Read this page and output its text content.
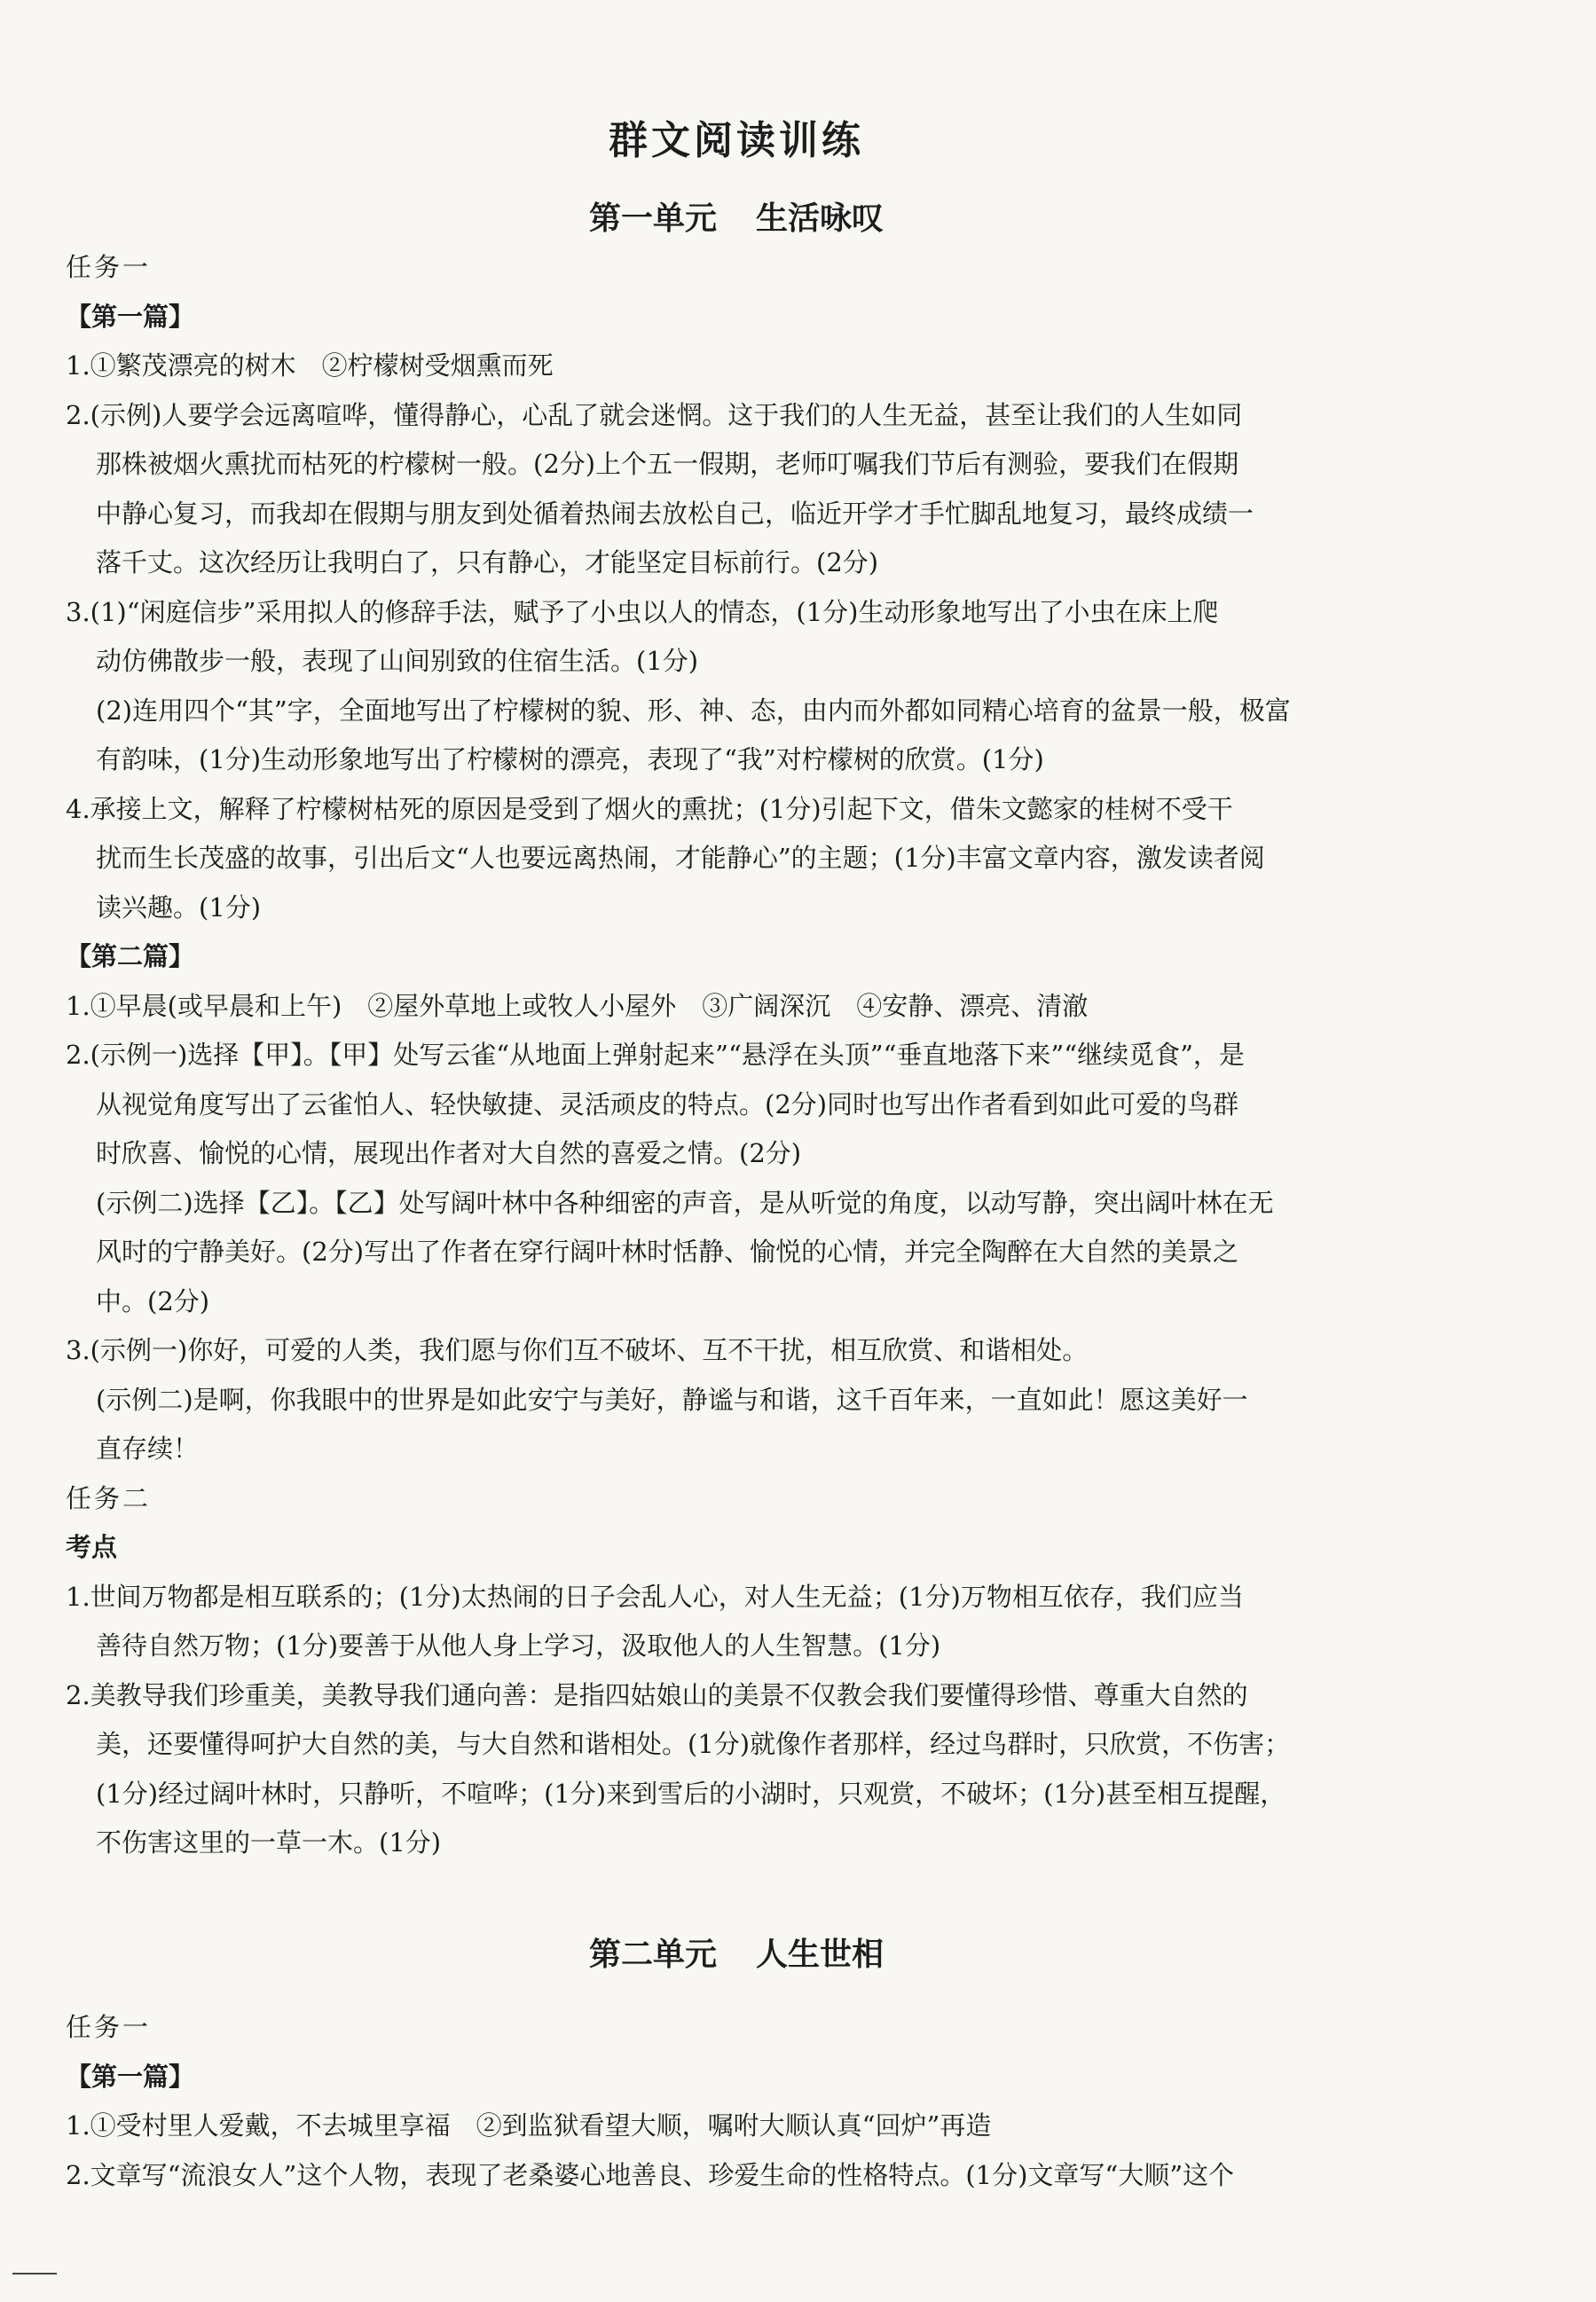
群文阅读训练
第一单元 生活咏叹
任务一
【第一篇】
1.①繁茂漂亮的树木　②柠檬树受烟熏而死
2.(示例)人要学会远离喧哗，懂得静心，心乱了就会迷惘。这于我们的人生无益，甚至让我们的人生如同
那株被烟火熏扰而枯死的柠檬树一般。(2分)上个五一假期，老师叮嘱我们节后有测验，要我们在假期
中静心复习，而我却在假期与朋友到处循着热闹去放松自己，临近开学才手忙脚乱地复习，最终成绩一
落千丈。这次经历让我明白了，只有静心，才能坚定目标前行。(2分)
3.(1)“闲庭信步”采用拟人的修辞手法，赋予了小虫以人的情态，(1分)生动形象地写出了小虫在床上爬
动仿佛散步一般，表现了山间别致的住宿生活。(1分)
(2)连用四个“其”字，全面地写出了柠檬树的貌、形、神、态，由内而外都如同精心培育的盆景一般，极富
有韵味，(1分)生动形象地写出了柠檬树的漂亮，表现了“我”对柠檬树的欣赏。(1分)
4.承接上文，解释了柠檬树枯死的原因是受到了烟火的熏扰；(1分)引起下文，借朱文懿家的桂树不受干
扰而生长茂盛的故事，引出后文“人也要远离热闹，才能静心”的主题；(1分)丰富文章内容，激发读者阅
读兴趣。(1分)
【第二篇】
1.①早晨(或早晨和上午)　②屋外草地上或牧人小屋外　③广阔深沉　④安静、漂亮、清澈
2.(示例一)选择【甲】。【甲】处写云雀“从地面上弹射起来”“悬浮在头顶”“垂直地落下来”“继续觅食”，是
从视觉角度写出了云雀怕人、轻快敏捷、灵活顽皮的特点。(2分)同时也写出作者看到如此可爱的鸟群
时欣喜、愉悦的心情，展现出作者对大自然的喜爱之情。(2分)
(示例二)选择【乙】。【乙】处写阔叶林中各种细密的声音，是从听觉的角度，以动写静，突出阔叶林在无
风时的宁静美好。(2分)写出了作者在穿行阔叶林时恬静、愉悦的心情，并完全陶醉在大自然的美景之
中。(2分)
3.(示例一)你好，可爱的人类，我们愿与你们互不破坏、互不干扰，相互欣赏、和谐相处。
(示例二)是啊，你我眼中的世界是如此安宁与美好，静谧与和谐，这千百年来，一直如此！愿这美好一
直存续！
任务二
考点
1.世间万物都是相互联系的；(1分)太热闹的日子会乱人心，对人生无益；(1分)万物相互依存，我们应当
善待自然万物；(1分)要善于从他人身上学习，汲取他人的人生智慧。(1分)
2.美教导我们珍重美，美教导我们通向善：是指四姑娘山的美景不仅教会我们要懂得珍惜、尊重大自然的
美，还要懂得呵护大自然的美，与大自然和谐相处。(1分)就像作者那样，经过鸟群时，只欣赏，不伤害；
(1分)经过阔叶林时，只静听，不喧哗；(1分)来到雪后的小湖时，只观赏，不破坏；(1分)甚至相互提醒，
不伤害这里的一草一木。(1分)
第二单元 人生世相
任务一
【第一篇】
1.①受村里人爱戴，不去城里享福　②到监狱看望大顺，嘱咐大顺认真“回炉”再造
2.文章写“流浪女人”这个人物，表现了老桑婆心地善良、珍爱生命的性格特点。(1分)文章写“大顺”这个
